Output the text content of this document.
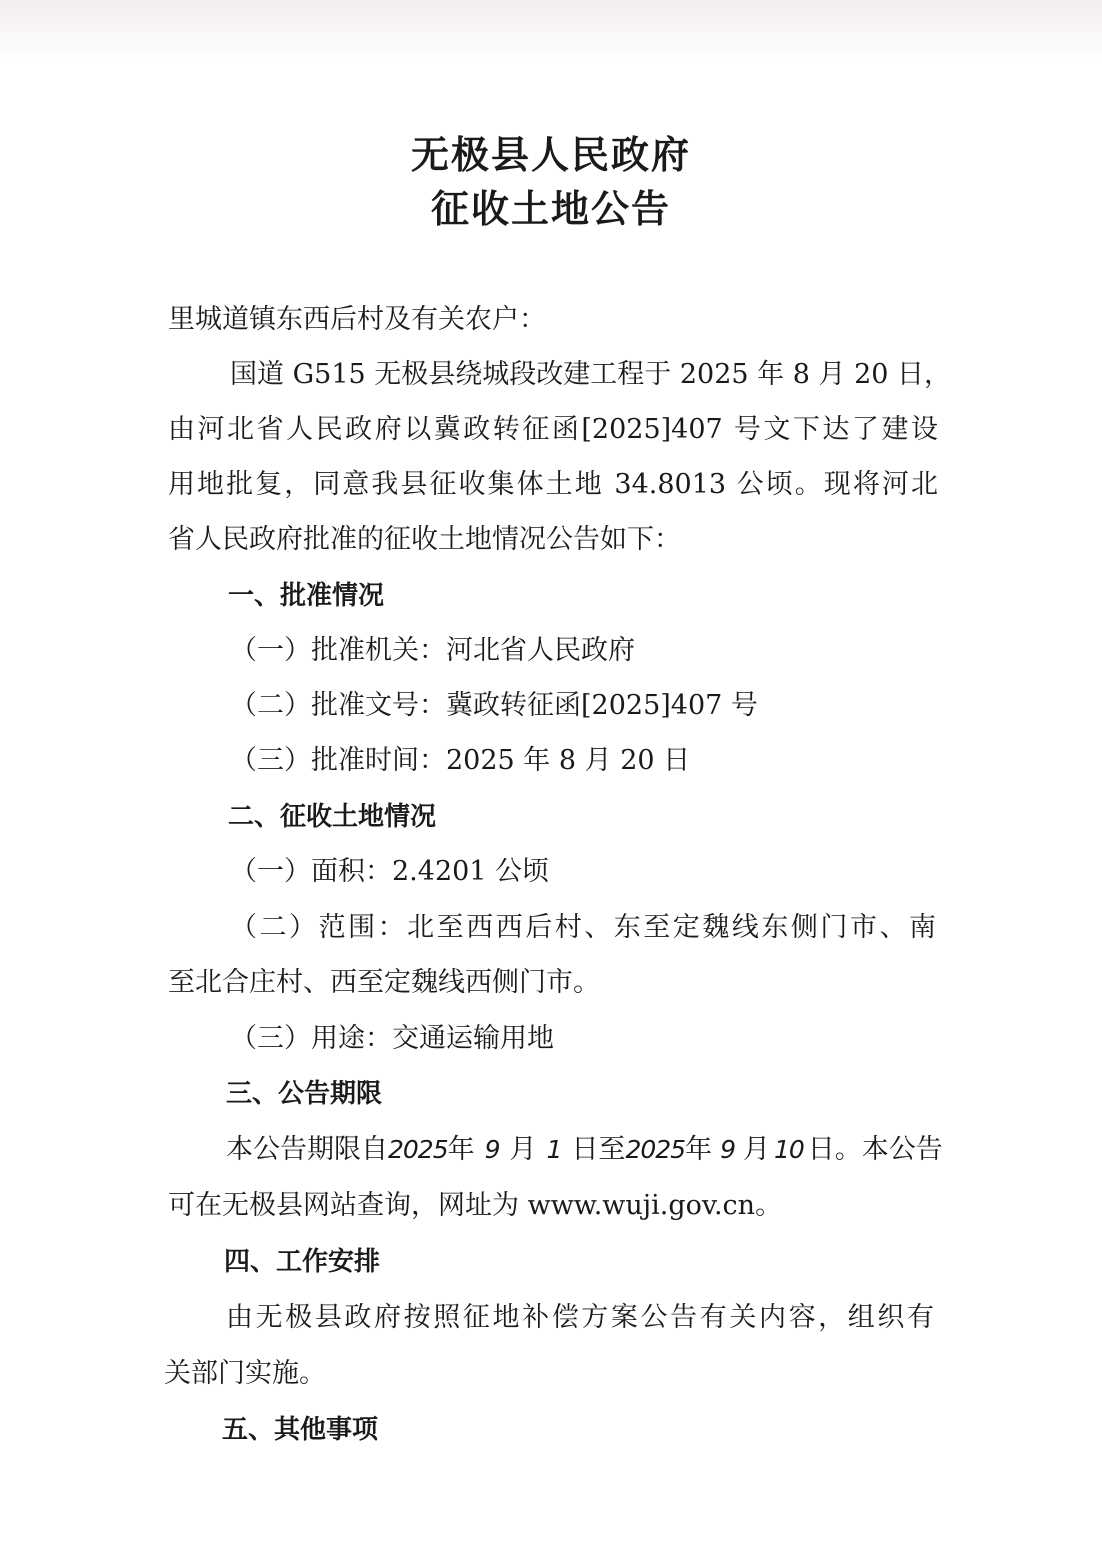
无极县人民政府
征收土地公告
里城道镇东西后村及有关农户：
国道 G515 无极县绕城段改建工程于 2025 年 8 月 20 日，
由河北省人民政府以冀政转征函[2025]407 号文下达了建设
用地批复，同意我县征收集体土地 34.8013 公顷。现将河北
省人民政府批准的征收土地情况公告如下：
一、批准情况
（一）批准机关：河北省人民政府
（二）批准文号：冀政转征函[2025]407 号
（三）批准时间：2025 年 8 月 20 日
二、征收土地情况
（一）面积：2.4201 公顷
（二）范围：北至西西后村、东至定魏线东侧门市、南
至北合庄村、西至定魏线西侧门市。
（三）用途：交通运输用地
三、公告期限
本公告期限自2025年 9 月 1 日至2025年 9 月 10 日。本公告
可在无极县网站查询，网址为 www.wuji.gov.cn。
四、工作安排
由无极县政府按照征地补偿方案公告有关内容，组织有
关部门实施。
五、其他事项
